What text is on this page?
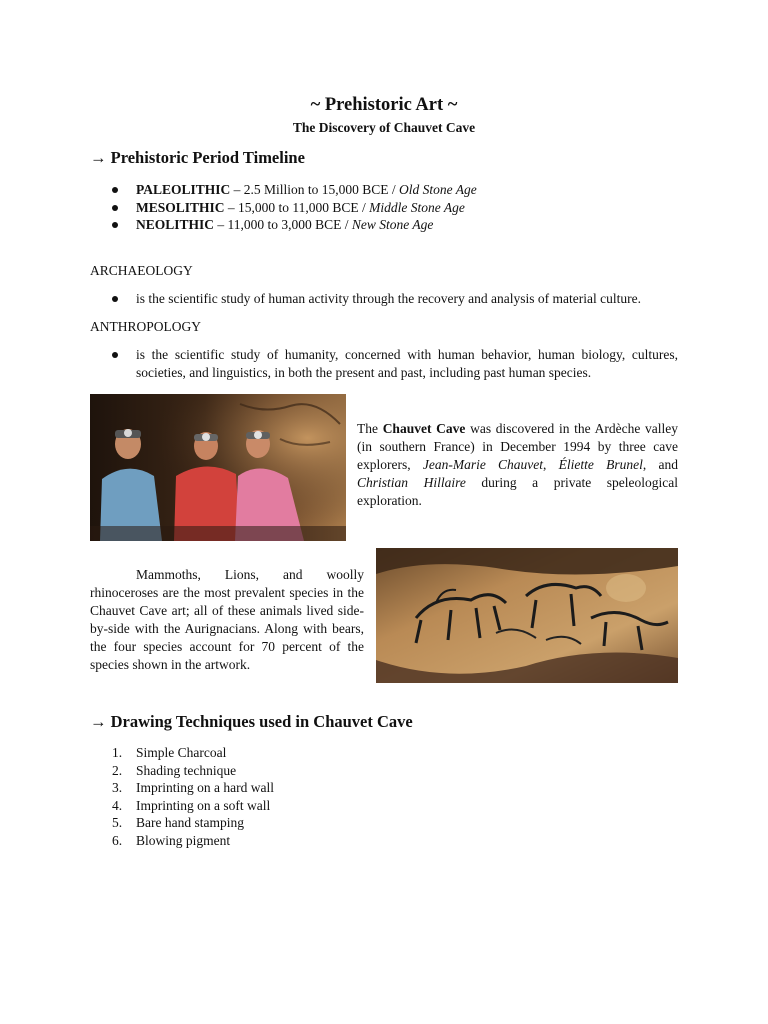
~ Prehistoric Art ~
The Discovery of Chauvet Cave
→ Prehistoric Period Timeline
PALEOLITHIC – 2.5 Million to 15,000 BCE / Old Stone Age
MESOLITHIC – 15,000 to 11,000 BCE / Middle Stone Age
NEOLITHIC – 11,000 to 3,000 BCE / New Stone Age
ARCHAEOLOGY
is the scientific study of human activity through the recovery and analysis of material culture.
ANTHROPOLOGY
is the scientific study of humanity, concerned with human behavior, human biology, cultures, societies, and linguistics, in both the present and past, including past human species.
The Chauvet Cave was discovered in the Ardèche valley (in southern France) in December 1994 by three cave explorers, Jean-Marie Chauvet, Éliette Brunel, and Christian Hillaire during a private speleological exploration.
Mammoths, Lions, and woolly rhinoceroses are the most prevalent species in the Chauvet Cave art; all of these animals lived side-by-side with the Aurignacians. Along with bears, the four species account for 70 percent of the species shown in the artwork.
→ Drawing Techniques used in Chauvet Cave
1. Simple Charcoal
2. Shading technique
3. Imprinting on a hard wall
4. Imprinting on a soft wall
5. Bare hand stamping
6. Blowing pigment
